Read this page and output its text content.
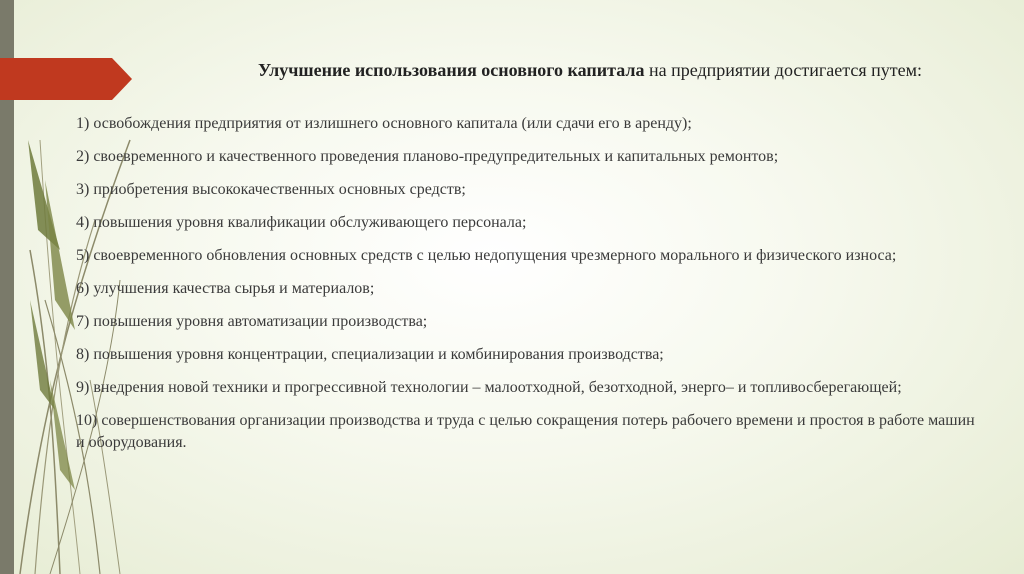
Улучшение использования основного капитала на предприятии достигается путем:
1) освобождения предприятия от излишнего основного капитала (или сдачи его в аренду);
2) своевременного и качественного проведения планово-предупредительных и капитальных ремонтов;
3) приобретения высококачественных основных средств;
4) повышения уровня квалификации обслуживающего персонала;
5) своевременного обновления основных средств с целью недопущения чрезмерного морального и физического износа;
6) улучшения качества сырья и материалов;
7) повышения уровня автоматизации производства;
8) повышения уровня концентрации, специализации и комбинирования производства;
9) внедрения новой техники и прогрессивной технологии – малоотходной, безотходной, энерго– и топливосберегающей;
10) совершенствования организации производства и труда с целью сокращения потерь рабочего времени и простоя в работе машин и оборудования.
